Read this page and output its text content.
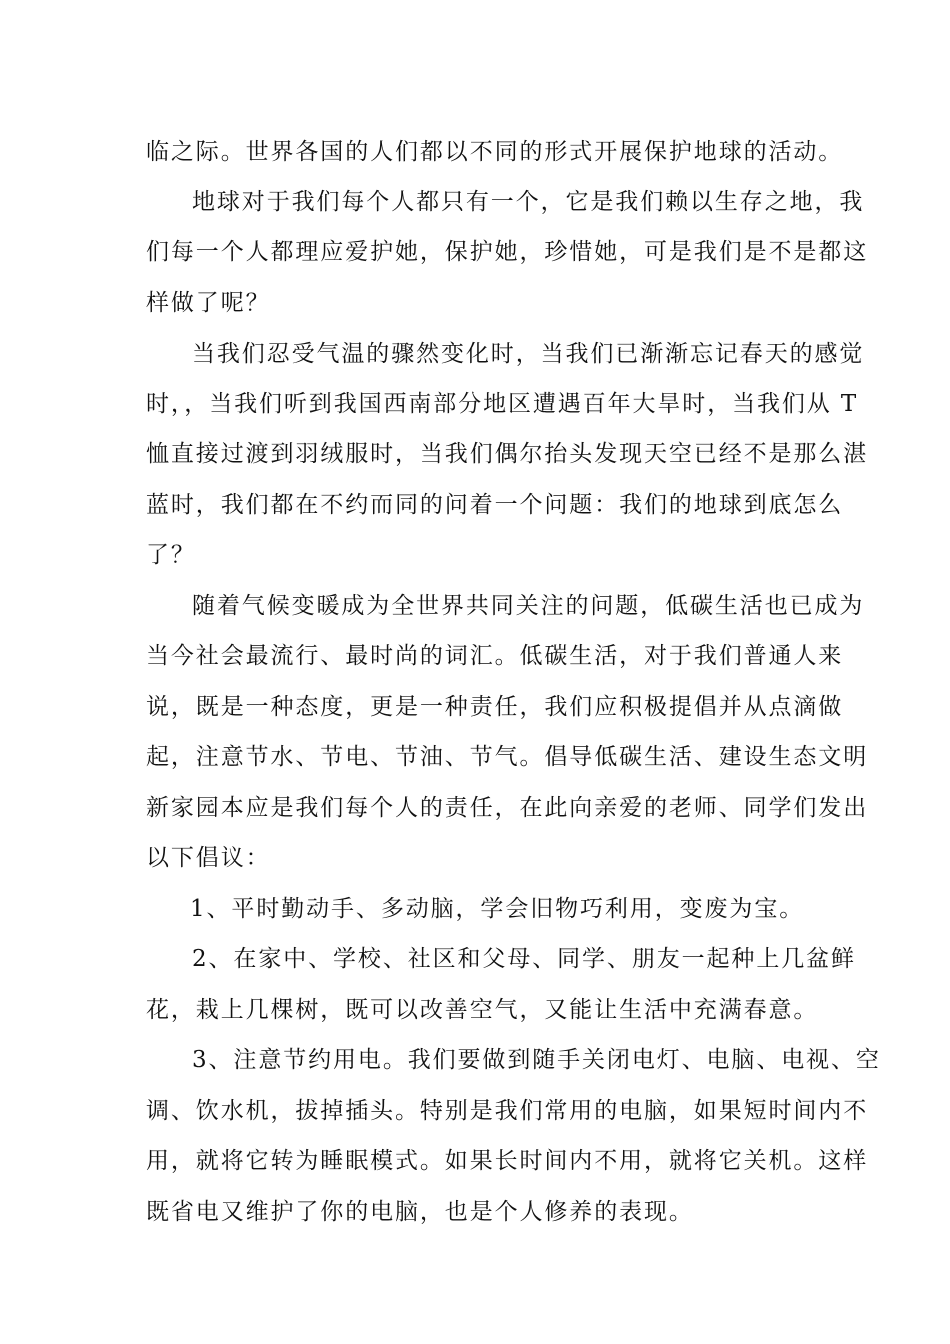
临之际。世界各国的人们都以不同的形式开展保护地球的活动。
地球对于我们每个人都只有一个，它是我们赖以生存之地，我
们每一个人都理应爱护她，保护她，珍惜她，可是我们是不是都这
样做了呢？
当我们忍受气温的骤然变化时，当我们已渐渐忘记春天的感觉
时，，当我们听到我国西南部分地区遭遇百年大旱时，当我们从 T
恤直接过渡到羽绒服时，当我们偶尔抬头发现天空已经不是那么湛
蓝时，我们都在不约而同的问着一个问题：我们的地球到底怎么
了？
随着气候变暖成为全世界共同关注的问题，低碳生活也已成为
当今社会最流行、最时尚的词汇。低碳生活，对于我们普通人来
说，既是一种态度，更是一种责任，我们应积极提倡并从点滴做
起，注意节水、节电、节油、节气。倡导低碳生活、建设生态文明
新家园本应是我们每个人的责任，在此向亲爱的老师、同学们发出
以下倡议：
1、平时勤动手、多动脑，学会旧物巧利用，变废为宝。
2、在家中、学校、社区和父母、同学、朋友一起种上几盆鲜
花，栽上几棵树，既可以改善空气，又能让生活中充满春意。
3、注意节约用电。我们要做到随手关闭电灯、电脑、电视、空
调、饮水机，拔掉插头。特别是我们常用的电脑，如果短时间内不
用，就将它转为睡眠模式。如果长时间内不用，就将它关机。这样
既省电又维护了你的电脑，也是个人修养的表现。
